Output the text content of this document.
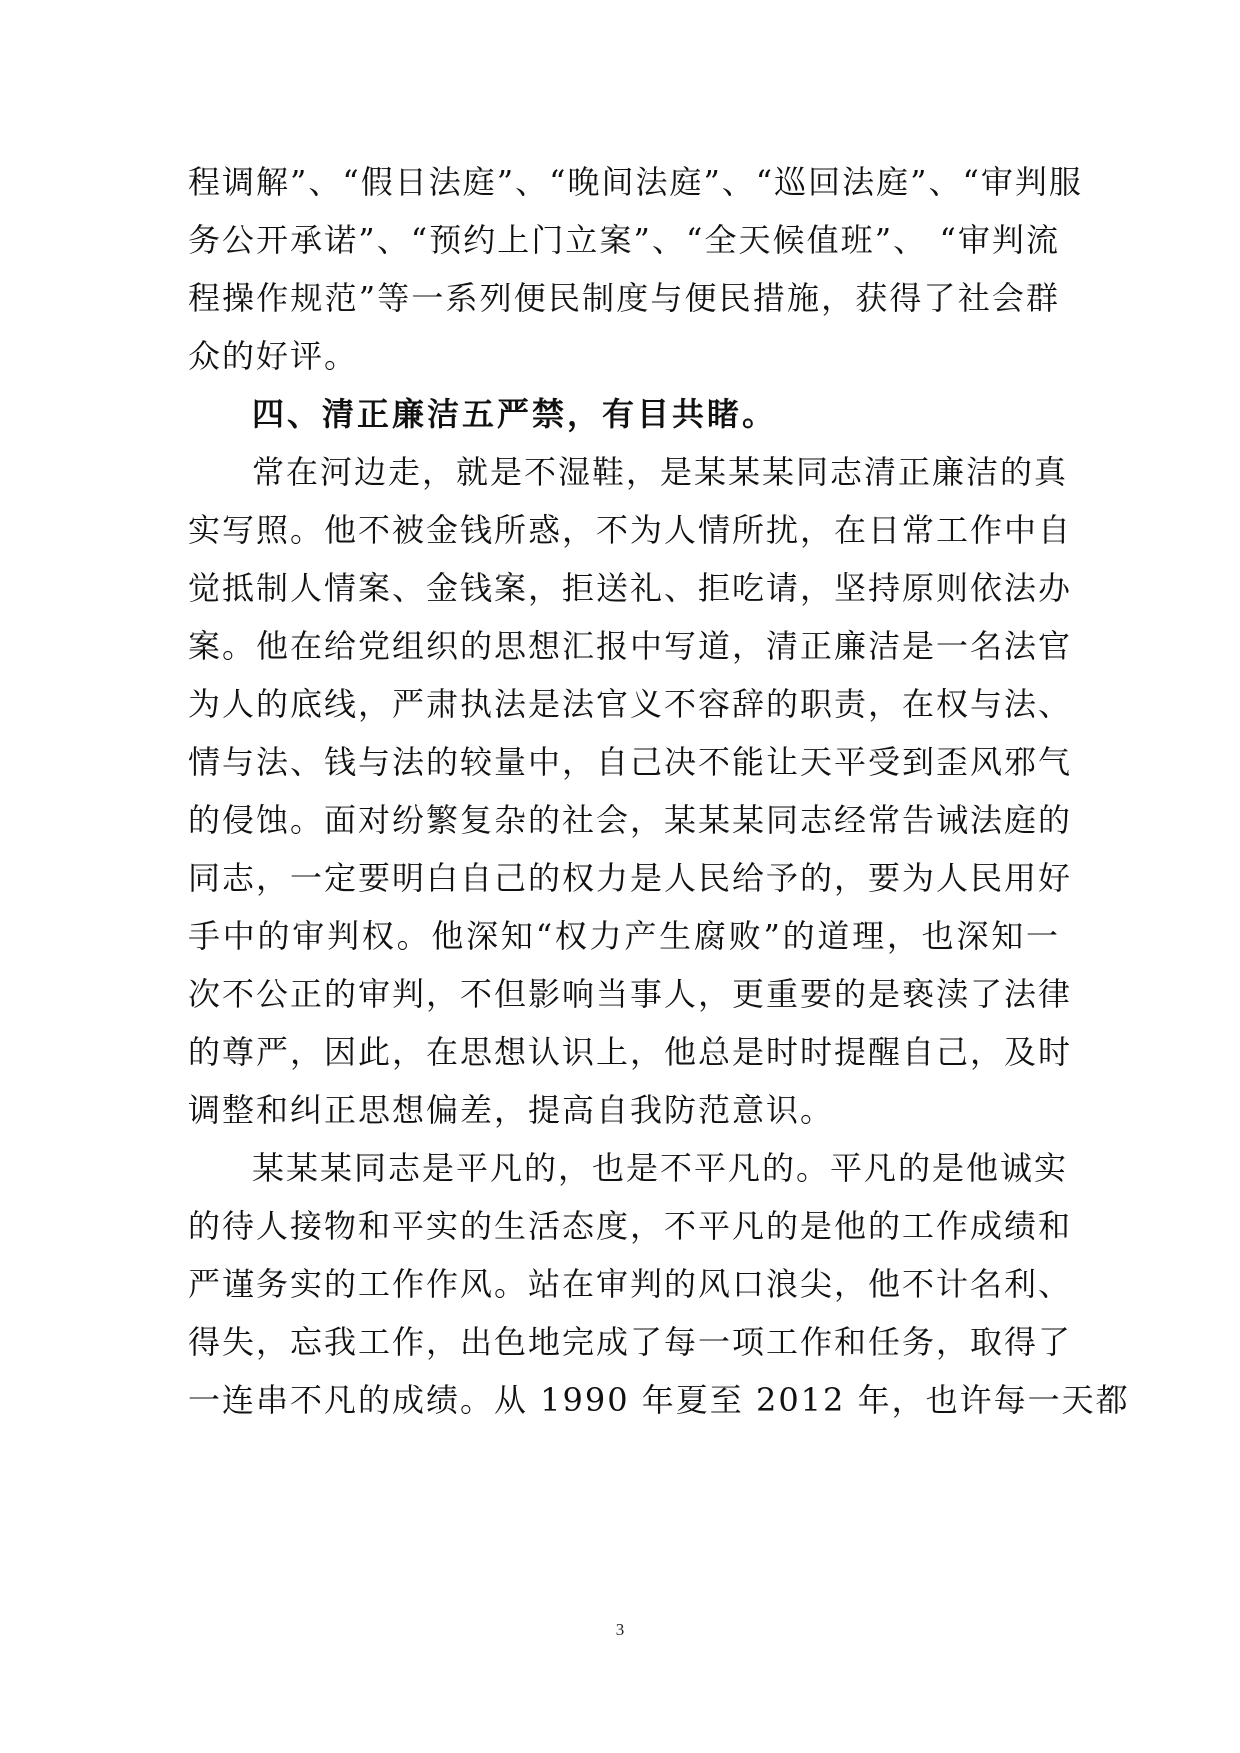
程调解”、“假日法庭”、“晚间法庭”、“巡回法庭”、“审判服
务公开承诺”、“预约上门立案”、“全天候值班”、 “审判流
程操作规范”等一系列便民制度与便民措施，获得了社会群
众的好评。
四、清正廉洁五严禁，有目共睹。
常在河边走，就是不湿鞋，是某某某同志清正廉洁的真
实写照。他不被金钱所惑，不为人情所扰，在日常工作中自
觉抵制人情案、金钱案，拒送礼、拒吃请，坚持原则依法办
案。他在给党组织的思想汇报中写道，清正廉洁是一名法官
为人的底线，严肃执法是法官义不容辞的职责，在权与法、
情与法、钱与法的较量中，自己决不能让天平受到歪风邪气
的侵蚀。面对纷繁复杂的社会，某某某同志经常告诫法庭的
同志，一定要明白自己的权力是人民给予的，要为人民用好
手中的审判权。他深知“权力产生腐败”的道理，也深知一
次不公正的审判，不但影响当事人，更重要的是亵渎了法律
的尊严，因此，在思想认识上，他总是时时提醒自己，及时
调整和纠正思想偏差，提高自我防范意识。
某某某同志是平凡的，也是不平凡的。平凡的是他诚实
的待人接物和平实的生活态度，不平凡的是他的工作成绩和
严谨务实的工作作风。站在审判的风口浪尖，他不计名利、
得失，忘我工作，出色地完成了每一项工作和任务，取得了
一连串不凡的成绩。从 1990 年夏至 2012 年，也许每一天都
3
